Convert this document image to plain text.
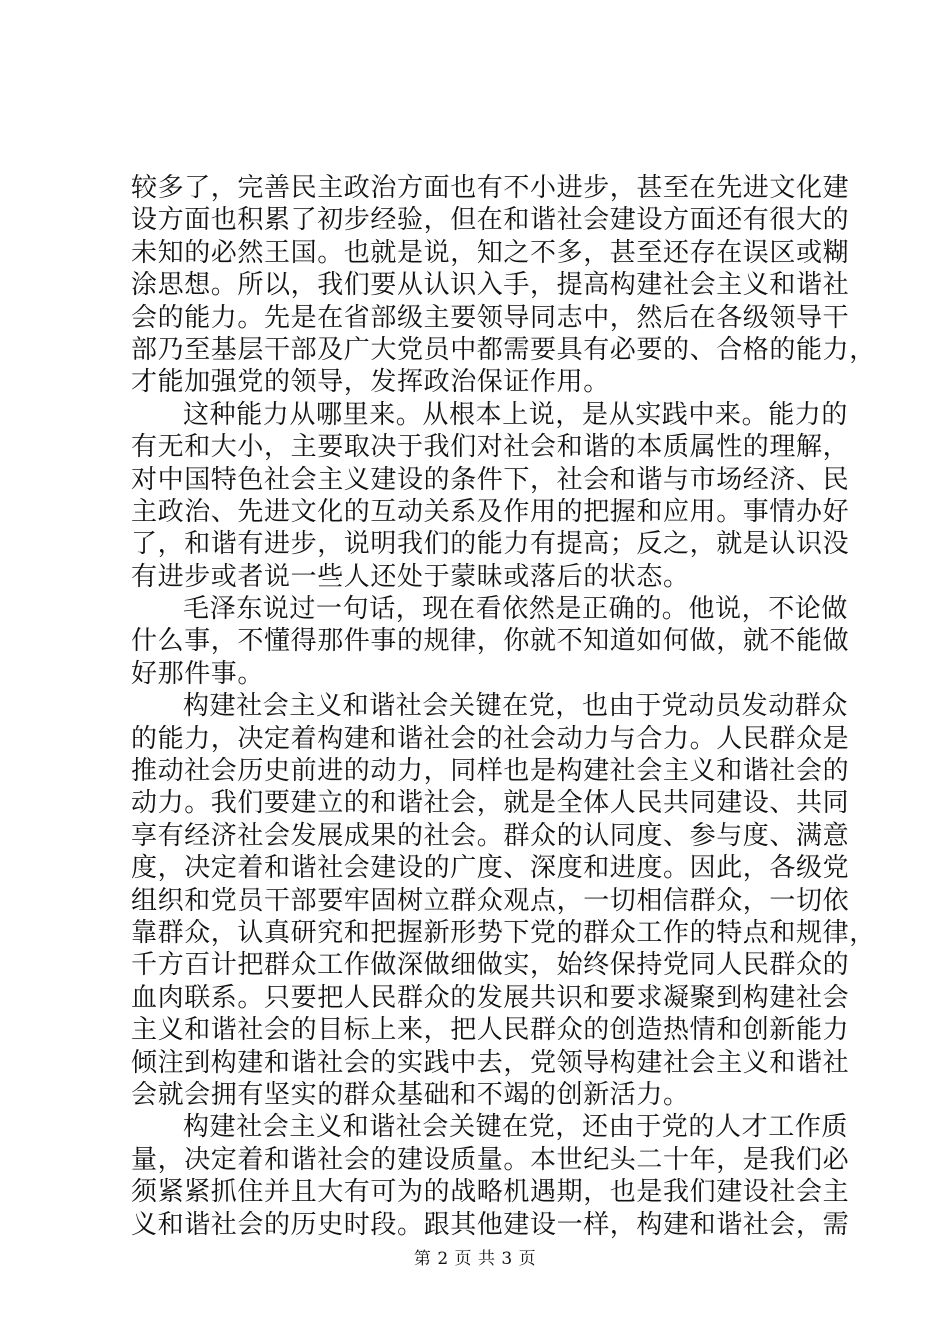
较多了，完善民主政治方面也有不小进步，甚至在先进文化建
设方面也积累了初步经验，但在和谐社会建设方面还有很大的
未知的必然王国。也就是说，知之不多，甚至还存在误区或糊
涂思想。所以，我们要从认识入手，提高构建社会主义和谐社
会的能力。先是在省部级主要领导同志中，然后在各级领导干
部乃至基层干部及广大党员中都需要具有必要的、合格的能力，
才能加强党的领导，发挥政治保证作用。
这种能力从哪里来。从根本上说，是从实践中来。能力的
有无和大小，主要取决于我们对社会和谐的本质属性的理解，
对中国特色社会主义建设的条件下，社会和谐与市场经济、民
主政治、先进文化的互动关系及作用的把握和应用。事情办好
了，和谐有进步，说明我们的能力有提高；反之，就是认识没
有进步或者说一些人还处于蒙昧或落后的状态。
毛泽东说过一句话，现在看依然是正确的。他说，不论做
什么事，不懂得那件事的规律，你就不知道如何做，就不能做
好那件事。
构建社会主义和谐社会关键在党，也由于党动员发动群众
的能力，决定着构建和谐社会的社会动力与合力。人民群众是
推动社会历史前进的动力，同样也是构建社会主义和谐社会的
动力。我们要建立的和谐社会，就是全体人民共同建设、共同
享有经济社会发展成果的社会。群众的认同度、参与度、满意
度，决定着和谐社会建设的广度、深度和进度。因此，各级党
组织和党员干部要牢固树立群众观点，一切相信群众，一切依
靠群众，认真研究和把握新形势下党的群众工作的特点和规律，
千方百计把群众工作做深做细做实，始终保持党同人民群众的
血肉联系。只要把人民群众的发展共识和要求凝聚到构建社会
主义和谐社会的目标上来，把人民群众的创造热情和创新能力
倾注到构建和谐社会的实践中去，党领导构建社会主义和谐社
会就会拥有坚实的群众基础和不竭的创新活力。
构建社会主义和谐社会关键在党，还由于党的人才工作质
量，决定着和谐社会的建设质量。本世纪头二十年，是我们必
须紧紧抓住并且大有可为的战略机遇期，也是我们建设社会主
义和谐社会的历史时段。跟其他建设一样，构建和谐社会，需
第 2 页 共 3 页
